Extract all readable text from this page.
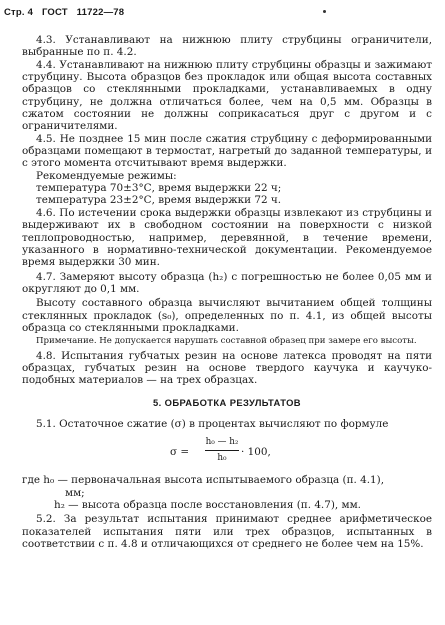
Стр. 4 ГОСТ 11722—78

4.3. Устанавливают на нижнюю плиту струбцины ограничители, выбранные по п. 4.2.

4.4. Устанавливают на нижнюю плиту струбцины образцы и зажимают струбцину. Высота образцов без прокладок или общая высота составных образцов со стеклянными прокладками, устанавливаемых в одну струбцину, не должна отличаться более, чем на 0,5 мм. Образцы в сжатом состоянии не должны соприкасаться друг с другом и с ограничителями.

4.5. Не позднее 15 мин после сжатия струбцину с деформированными образцами помещают в термостат, нагретый до заданной температуры, и с этого момента отсчитывают время выдержки.

Рекомендуемые режимы:

температура 70±3°С, время выдержки 22 ч;

температура 23±2°С, время выдержки 72 ч.

4.6. По истечении срока выдержки образцы извлекают из струбцины и выдерживают их в свободном состоянии на поверхности с низкой теплопроводностью, например, деревянной, в течение времени, указанного в нормативно-технической документации. Рекомендуемое время выдержки 30 мин.

4.7. Замеряют высоту образца (h₂) с погрешностью не более 0,05 мм и округляют до 0,1 мм.

Высоту составного образца вычисляют вычитанием общей толщины стеклянных прокладок (s₀), определенных по п. 4.1, из общей высоты образца со стеклянными прокладками.

Примечание. Не допускается нарушать составной образец при замере его высоты.

4.8. Испытания губчатых резин на основе латекса проводят на пяти образцах, губчатых резин на основе твердого каучука и каучуко-подобных материалов — на трех образцах.

5. ОБРАБОТКА РЕЗУЛЬТАТОВ

5.1. Остаточное сжатие (σ) в процентах вычисляют по формуле

$\sigma = \frac{\text{h₀ — h₂}}{\text{h₀}} \cdot 100$,

где h₀ — первоначальная высота испытываемого образца (п. 4.1),

мм;

h₂ — высота образца после восстановления (п. 4.7), мм.

5.2. За результат испытания принимают среднее арифметическое показателей испытания пяти или трех образцов, испытанных в соответствии с п. 4.8 и отличающихся от среднего не более чем на 15%.
